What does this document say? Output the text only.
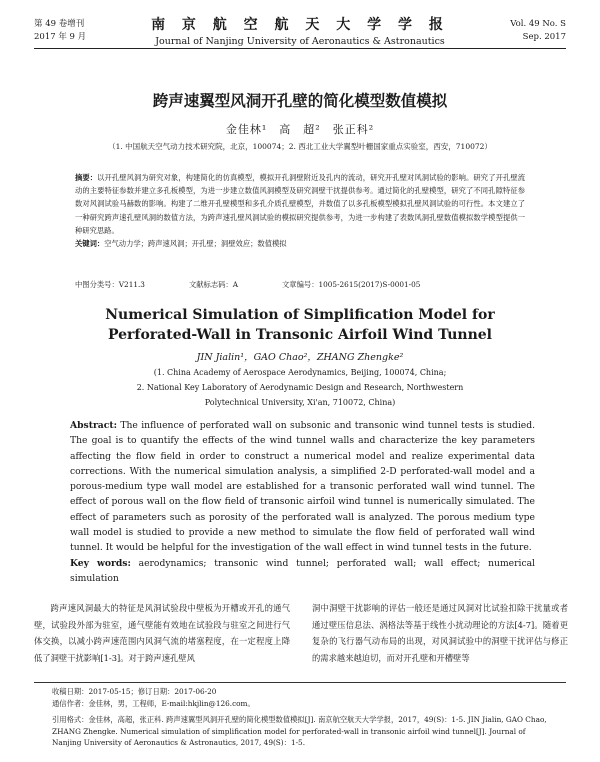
第 49 卷增刊
2017 年 9 月
南 京 航 空 航 天 大 学 学 报
Journal of Nanjing University of Aeronautics & Astronautics
Vol. 49 No. S
Sep. 2017
跨声速翼型风洞开孔壁的简化模型数值模拟
金佳林¹　高　超²　张正科²
（1. 中国航天空气动力技术研究院，北京，100074；2. 西北工业大学翼型叶栅国家重点实验室，西安，710072）
摘要：以开孔壁风洞为研究对象，构建简化的仿真模型，模拟开孔洞壁附近及孔内的流动，研究开孔壁对风洞试验的影响。研究了开孔壁流动的主要特征参数并建立多孔板模型，为进一步建立数值风洞模型及研究洞壁干扰提供参考。通过简化的孔壁模型，研究了不同孔隙特征参数对风洞试验马赫数的影响。构建了二维开孔壁模型和多孔介质孔壁模型，并数值了以多孔板模型模拟孔壁风洞试验的可行性。本文建立了一种研究跨声速孔壁风洞的数值方法，为跨声速孔壁风洞试验的模拟研究提供参考，为进一步构建了表数风洞孔壁数值模拟数学模型提供一种研究思路。
关键词：空气动力学；跨声速风洞；开孔壁；洞壁效应；数值模拟
中图分类号：V211.3	文献标志码：A	文章编号：1005-2615(2017)S-0001-05
Numerical Simulation of Simplification Model for Perforated-Wall in Transonic Airfoil Wind Tunnel
JIN Jialin¹，GAO Chao²，ZHANG Zhengke²
(1. China Academy of Aerospace Aerodynamics, Beijing, 100074, China;
2. National Key Laboratory of Aerodynamic Design and Research, Northwestern
Polytechnical University, Xi'an, 710072, China)
Abstract: The influence of perforated wall on subsonic and transonic wind tunnel tests is studied. The goal is to quantify the effects of the wind tunnel walls and characterize the key parameters affecting the flow field in order to construct a numerical model and realize experimental data corrections. With the numerical simulation analysis, a simplified 2-D perforated-wall model and a porous-medium type wall model are established for a transonic perforated wall wind tunnel. The effect of porous wall on the flow field of transonic airfoil wind tunnel is numerically simulated. The effect of parameters such as porosity of the perforated wall is analyzed. The porous medium type wall model is studied to provide a new method to simulate the flow field of perforated wall wind tunnel. It would be helpful for the investigation of the wall effect in wind tunnel tests in the future.
Key words: aerodynamics; transonic wind tunnel; perforated wall; wall effect; numerical simulation

跨声速风洞最大的特征是风洞试验段中壁板为开槽或开孔的通气壁，试验段外部为驻室，通气壁能有效地在试验段与驻室之间进行气体交换，以减小跨声速范围内风洞气流的堵塞程度，在一定程度上降低了洞壁干扰影响[1-3]。对于跨声速孔壁风

洞中洞壁干扰影响的评估一般还是通过风洞对比试验扣除干扰量或者通过壁压信息法、涡格法等基于线性小扰动理论的方法[4-7]。随着更复杂的飞行器气动布局的出现，对风洞试验中的洞壁干扰评估与修正的需求越来越迫切，而对开孔壁和开槽壁等

收稿日期：2017-05-15；修订日期：2017-06-20
通信作者：金佳林，男，工程师，E-mail:hkjlin@126.com。
引用格式：金佳林，高超，张正科. 跨声速翼型风洞开孔壁的简化模型数值模拟[J]. 南京航空航天大学学报，2017，49(S)：1-5. JIN Jialin, GAO Chao, ZHANG Zhengke. Numerical simulation of simplification model for perforated-wall in transonic airfoil wind tunnel[J]. Journal of Nanjing University of Aeronautics & Astronautics, 2017, 49(S)：1-5.
